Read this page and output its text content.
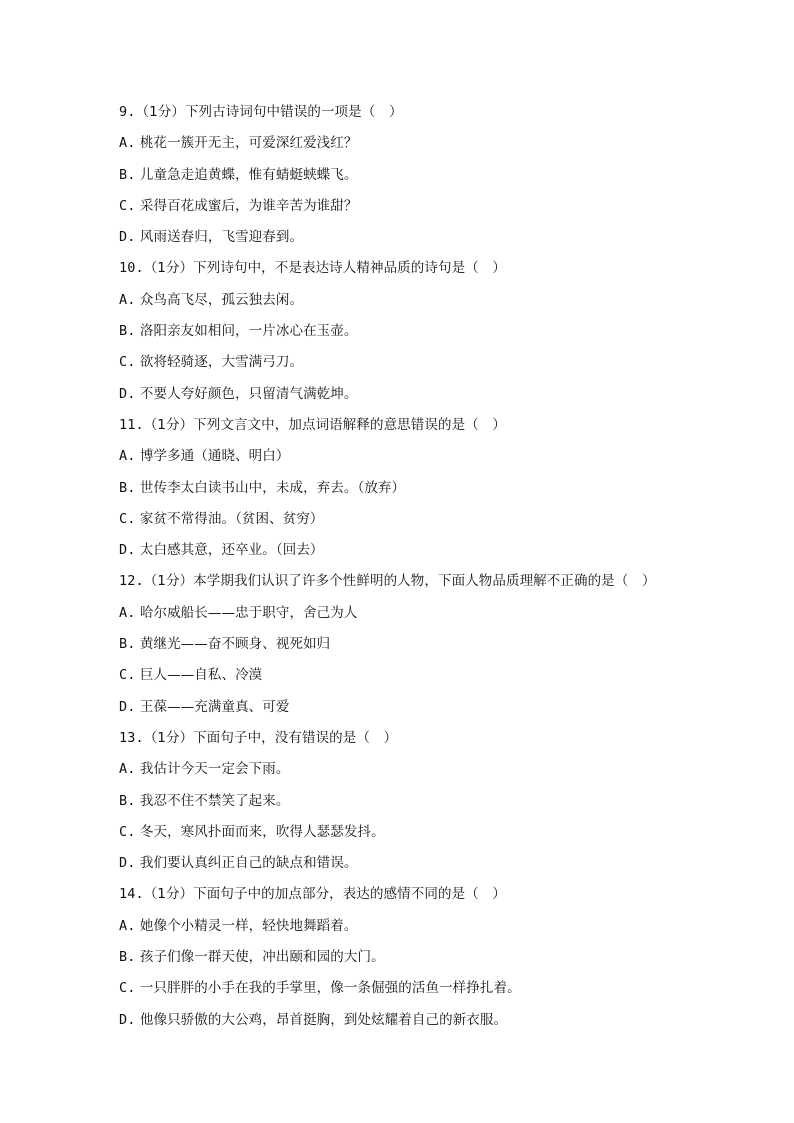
9.（1分）下列古诗词句中错误的一项是（　）
A. 桃花一簇开无主，可爱深红爱浅红？
B. 儿童急走追黄蝶，惟有蜻蜓蛱蝶飞。
C. 采得百花成蜜后，为谁辛苦为谁甜？
D. 风雨送春归，飞雪迎春到。
10.（1分）下列诗句中，不是表达诗人精神品质的诗句是（　）
A. 众鸟高飞尽，孤云独去闲。
B. 洛阳亲友如相问，一片冰心在玉壶。
C. 欲将轻骑逐，大雪满弓刀。
D. 不要人夸好颜色，只留清气满乾坤。
11.（1分）下列文言文中，加点词语解释的意思错误的是（　）
A. 博学多通（通晓、明白）
B. 世传李太白读书山中，未成，弃去。（放弃）
C. 家贫不常得油。（贫困、贫穷）
D. 太白感其意，还卒业。（回去）
12.（1分）本学期我们认识了许多个性鲜明的人物，下面人物品质理解不正确的是（　）
A. 哈尔威船长——忠于职守，舍己为人
B. 黄继光——奋不顾身、视死如归
C. 巨人——自私、冷漠
D. 王葆——充满童真、可爱
13.（1分）下面句子中，没有错误的是（　）
A. 我估计今天一定会下雨。
B. 我忍不住不禁笑了起来。
C. 冬天，寒风扑面而来，吹得人瑟瑟发抖。
D. 我们要认真纠正自己的缺点和错误。
14.（1分）下面句子中的加点部分，表达的感情不同的是（　）
A. 她像个小精灵一样，轻快地舞蹈着。
B. 孩子们像一群天使，冲出颐和园的大门。
C. 一只胖胖的小手在我的手掌里，像一条倔强的活鱼一样挣扎着。
D. 他像只骄傲的大公鸡，昂首挺胸，到处炫耀着自己的新衣服。
